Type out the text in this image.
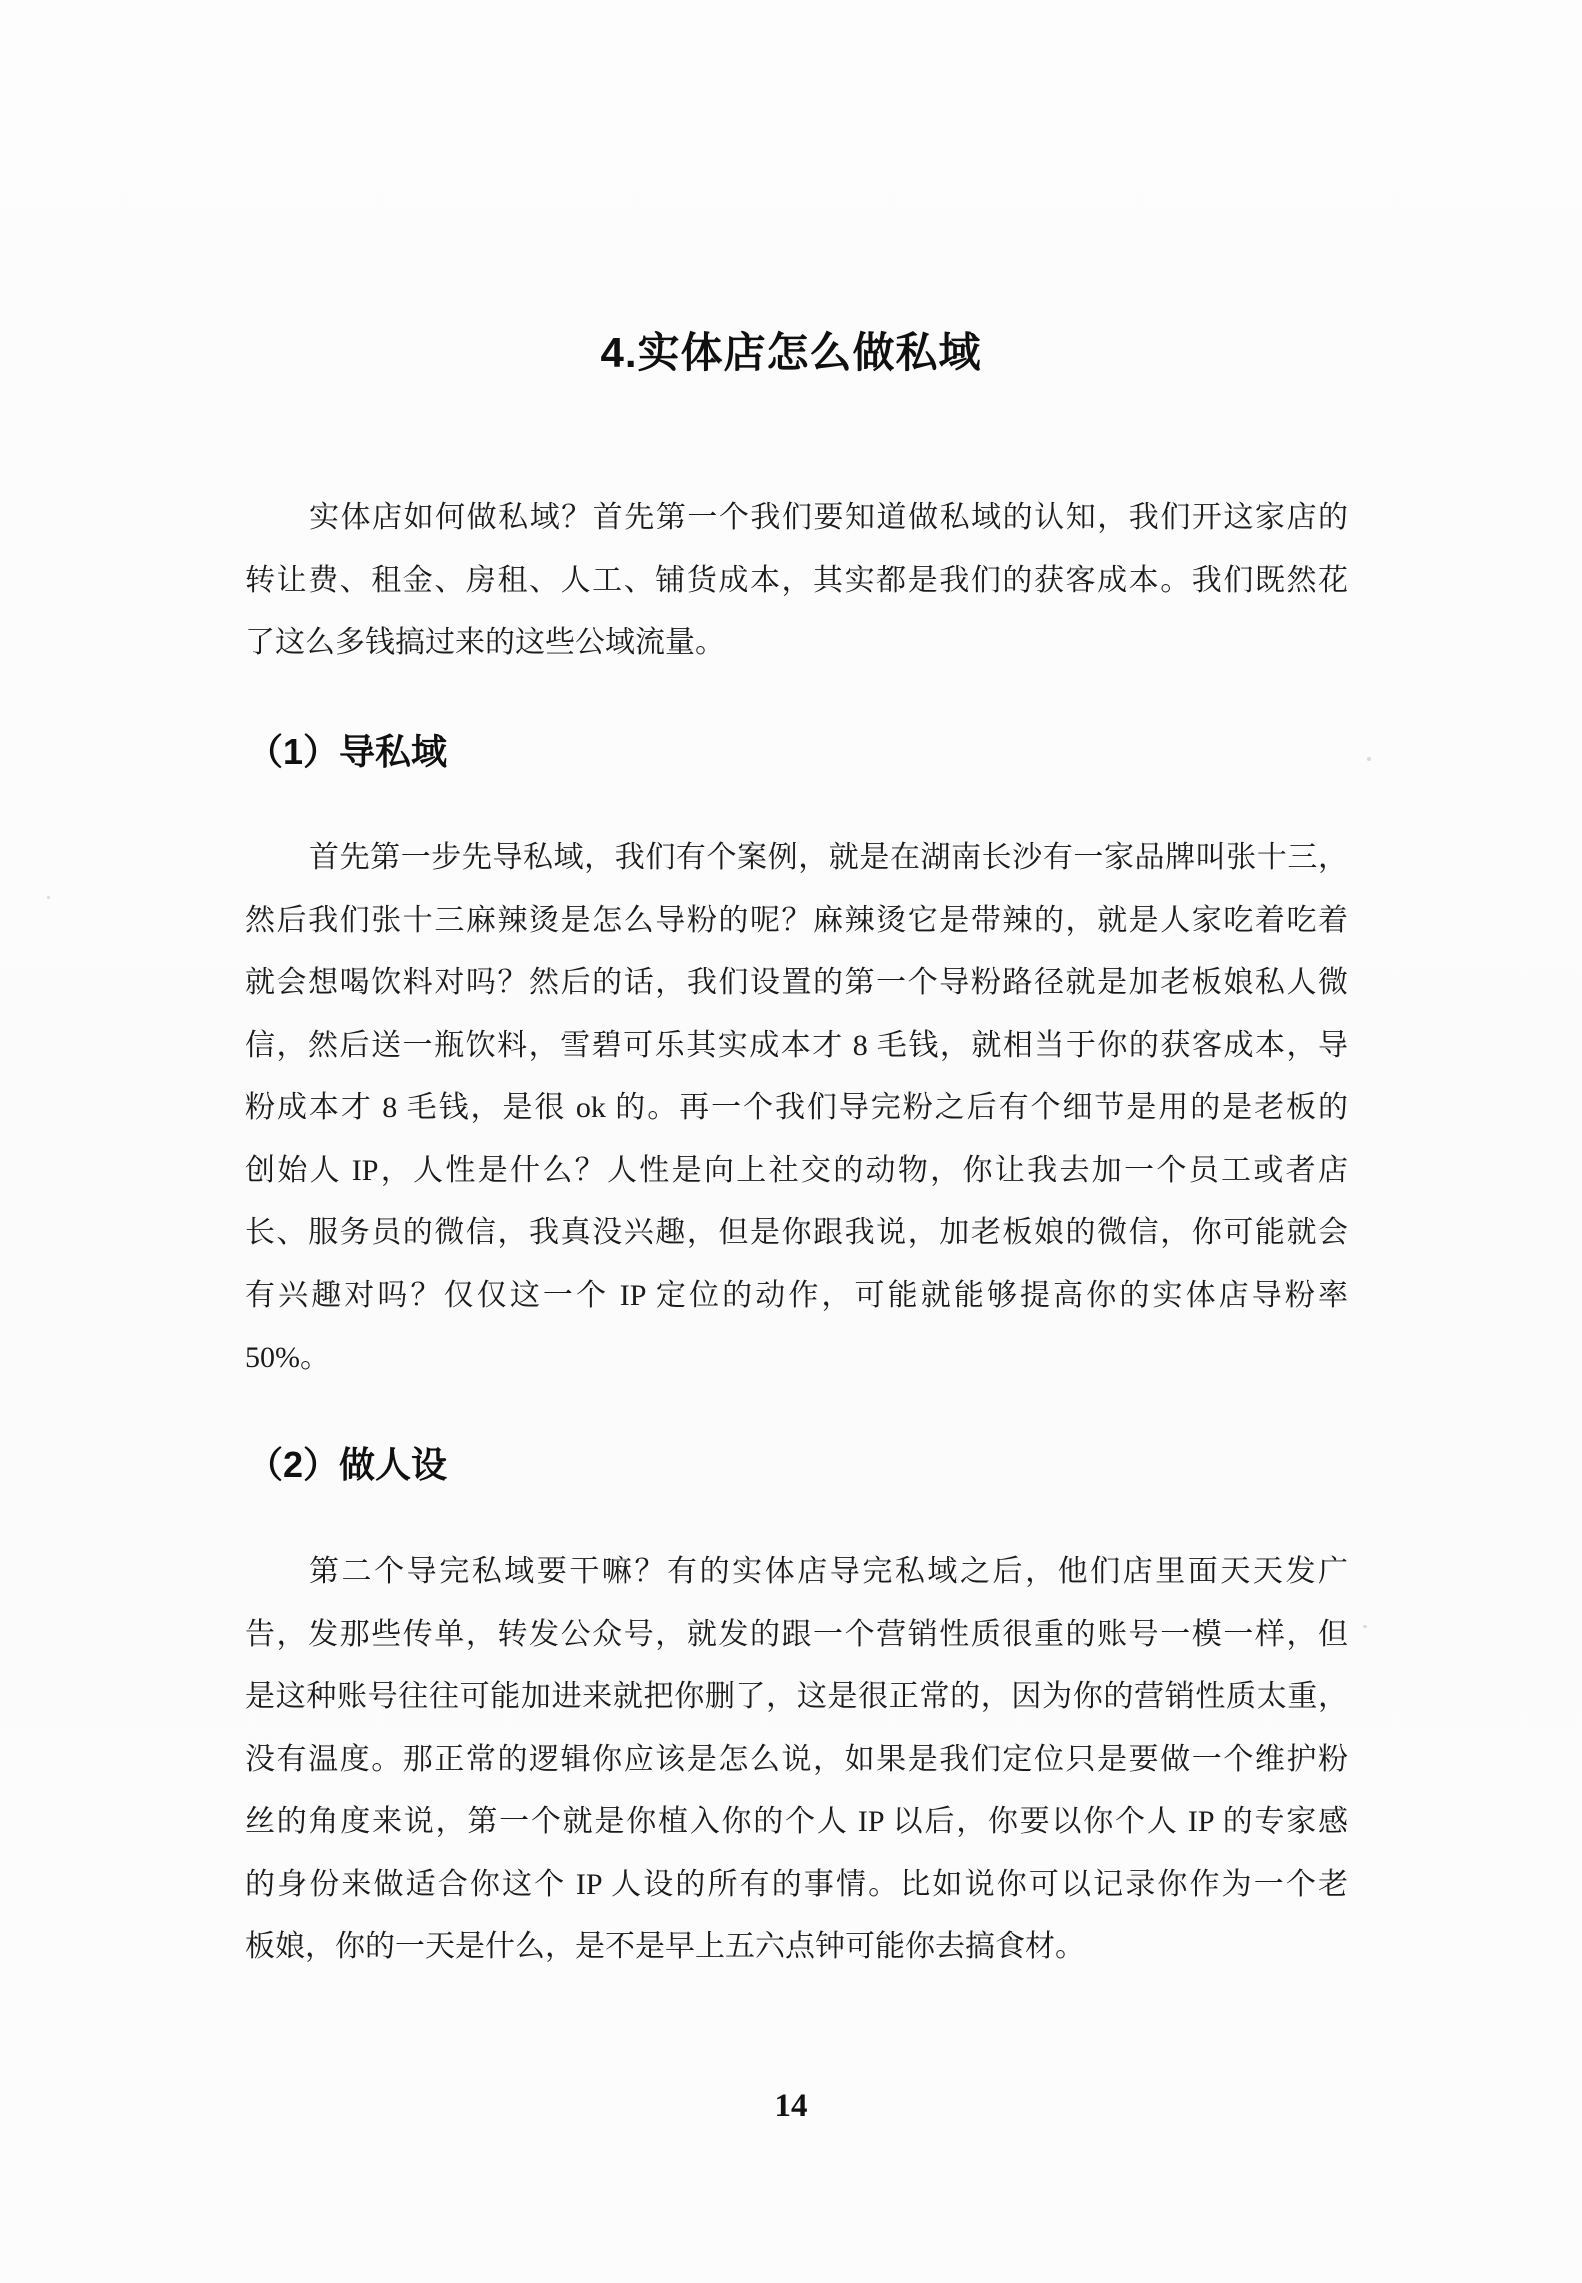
4.实体店怎么做私域
实体店如何做私域？首先第一个我们要知道做私域的认知，我们开这家店的
转让费、租金、房租、人工、铺货成本，其实都是我们的获客成本。我们既然花
了这么多钱搞过来的这些公域流量。
（1）导私域
首先第一步先导私域，我们有个案例，就是在湖南长沙有一家品牌叫张十三，
然后我们张十三麻辣烫是怎么导粉的呢？麻辣烫它是带辣的，就是人家吃着吃着
就会想喝饮料对吗？然后的话，我们设置的第一个导粉路径就是加老板娘私人微
信，然后送一瓶饮料，雪碧可乐其实成本才 8 毛钱，就相当于你的获客成本，导
粉成本才 8 毛钱，是很 ok 的。再一个我们导完粉之后有个细节是用的是老板的
创始人 IP，人性是什么？人性是向上社交的动物，你让我去加一个员工或者店
长、服务员的微信，我真没兴趣，但是你跟我说，加老板娘的微信，你可能就会
有兴趣对吗？仅仅这一个 IP 定位的动作，可能就能够提高你的实体店导粉率
50%。
（2）做人设
第二个导完私域要干嘛？有的实体店导完私域之后，他们店里面天天发广
告，发那些传单，转发公众号，就发的跟一个营销性质很重的账号一模一样，但
是这种账号往往可能加进来就把你删了，这是很正常的，因为你的营销性质太重，
没有温度。那正常的逻辑你应该是怎么说，如果是我们定位只是要做一个维护粉
丝的角度来说，第一个就是你植入你的个人 IP 以后，你要以你个人 IP 的专家感
的身份来做适合你这个 IP 人设的所有的事情。比如说你可以记录你作为一个老
板娘，你的一天是什么，是不是早上五六点钟可能你去搞食材。
14
